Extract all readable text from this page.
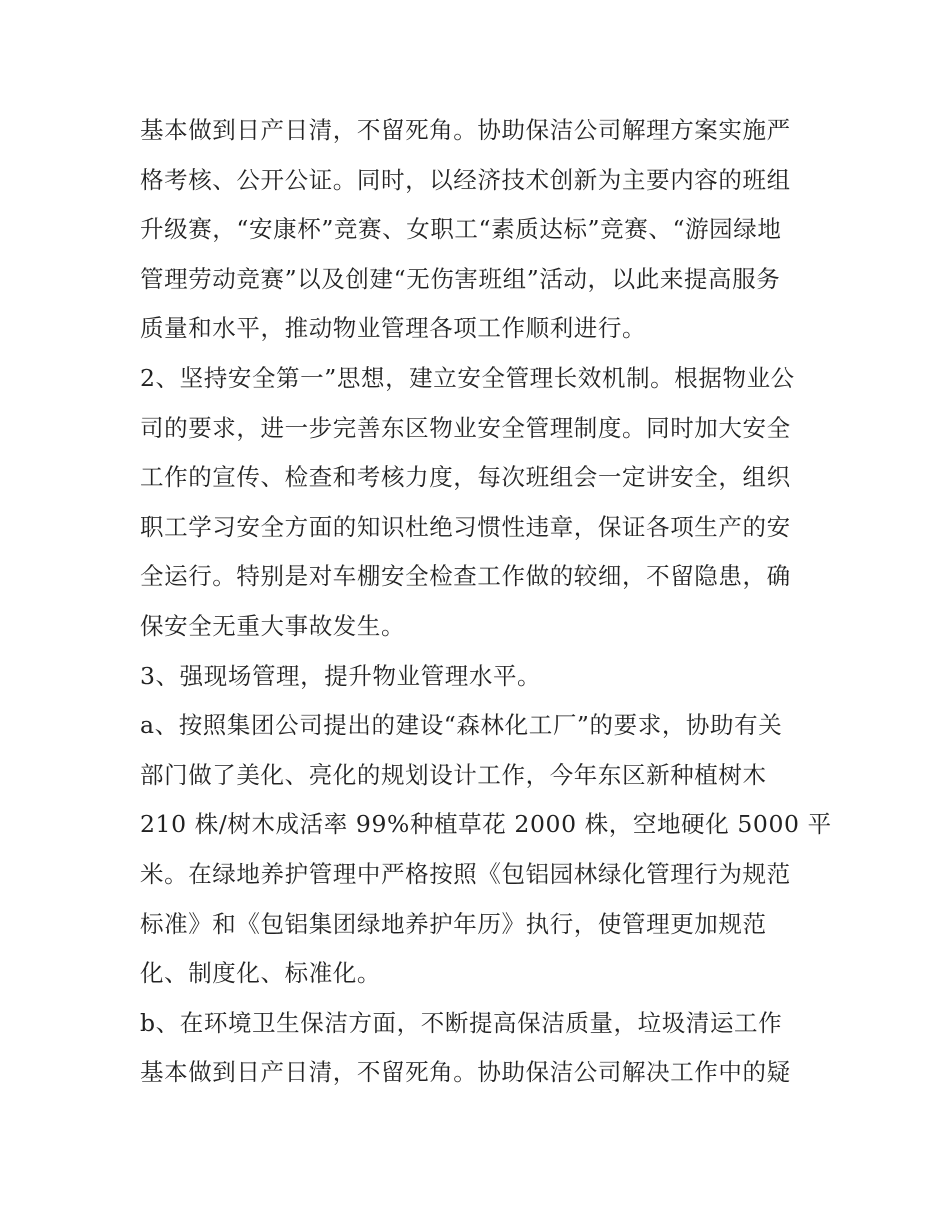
基本做到日产日清，不留死角。协助保洁公司解理方案实施严
格考核、公开公证。同时，以经济技术创新为主要内容的班组
升级赛，“安康杯”竞赛、女职工“素质达标”竞赛、“游园绿地
管理劳动竞赛”以及创建“无伤害班组”活动，以此来提高服务
质量和水平，推动物业管理各项工作顺利进行。
2、坚持安全第一”思想，建立安全管理长效机制。根据物业公
司的要求，进一步完善东区物业安全管理制度。同时加大安全
工作的宣传、检查和考核力度，每次班组会一定讲安全，组织
职工学习安全方面的知识杜绝习惯性违章，保证各项生产的安
全运行。特别是对车棚安全检查工作做的较细，不留隐患，确
保安全无重大事故发生。
3、强现场管理，提升物业管理水平。
a、按照集团公司提出的建设“森林化工厂”的要求，协助有关
部门做了美化、亮化的规划设计工作，今年东区新种植树木
210 株/树木成活率 99%种植草花 2000 株，空地硬化 5000 平
米。在绿地养护管理中严格按照《包铝园林绿化管理行为规范
标准》和《包铝集团绿地养护年历》执行，使管理更加规范
化、制度化、标准化。
b、在环境卫生保洁方面，不断提高保洁质量，垃圾清运工作
基本做到日产日清，不留死角。协助保洁公司解决工作中的疑
